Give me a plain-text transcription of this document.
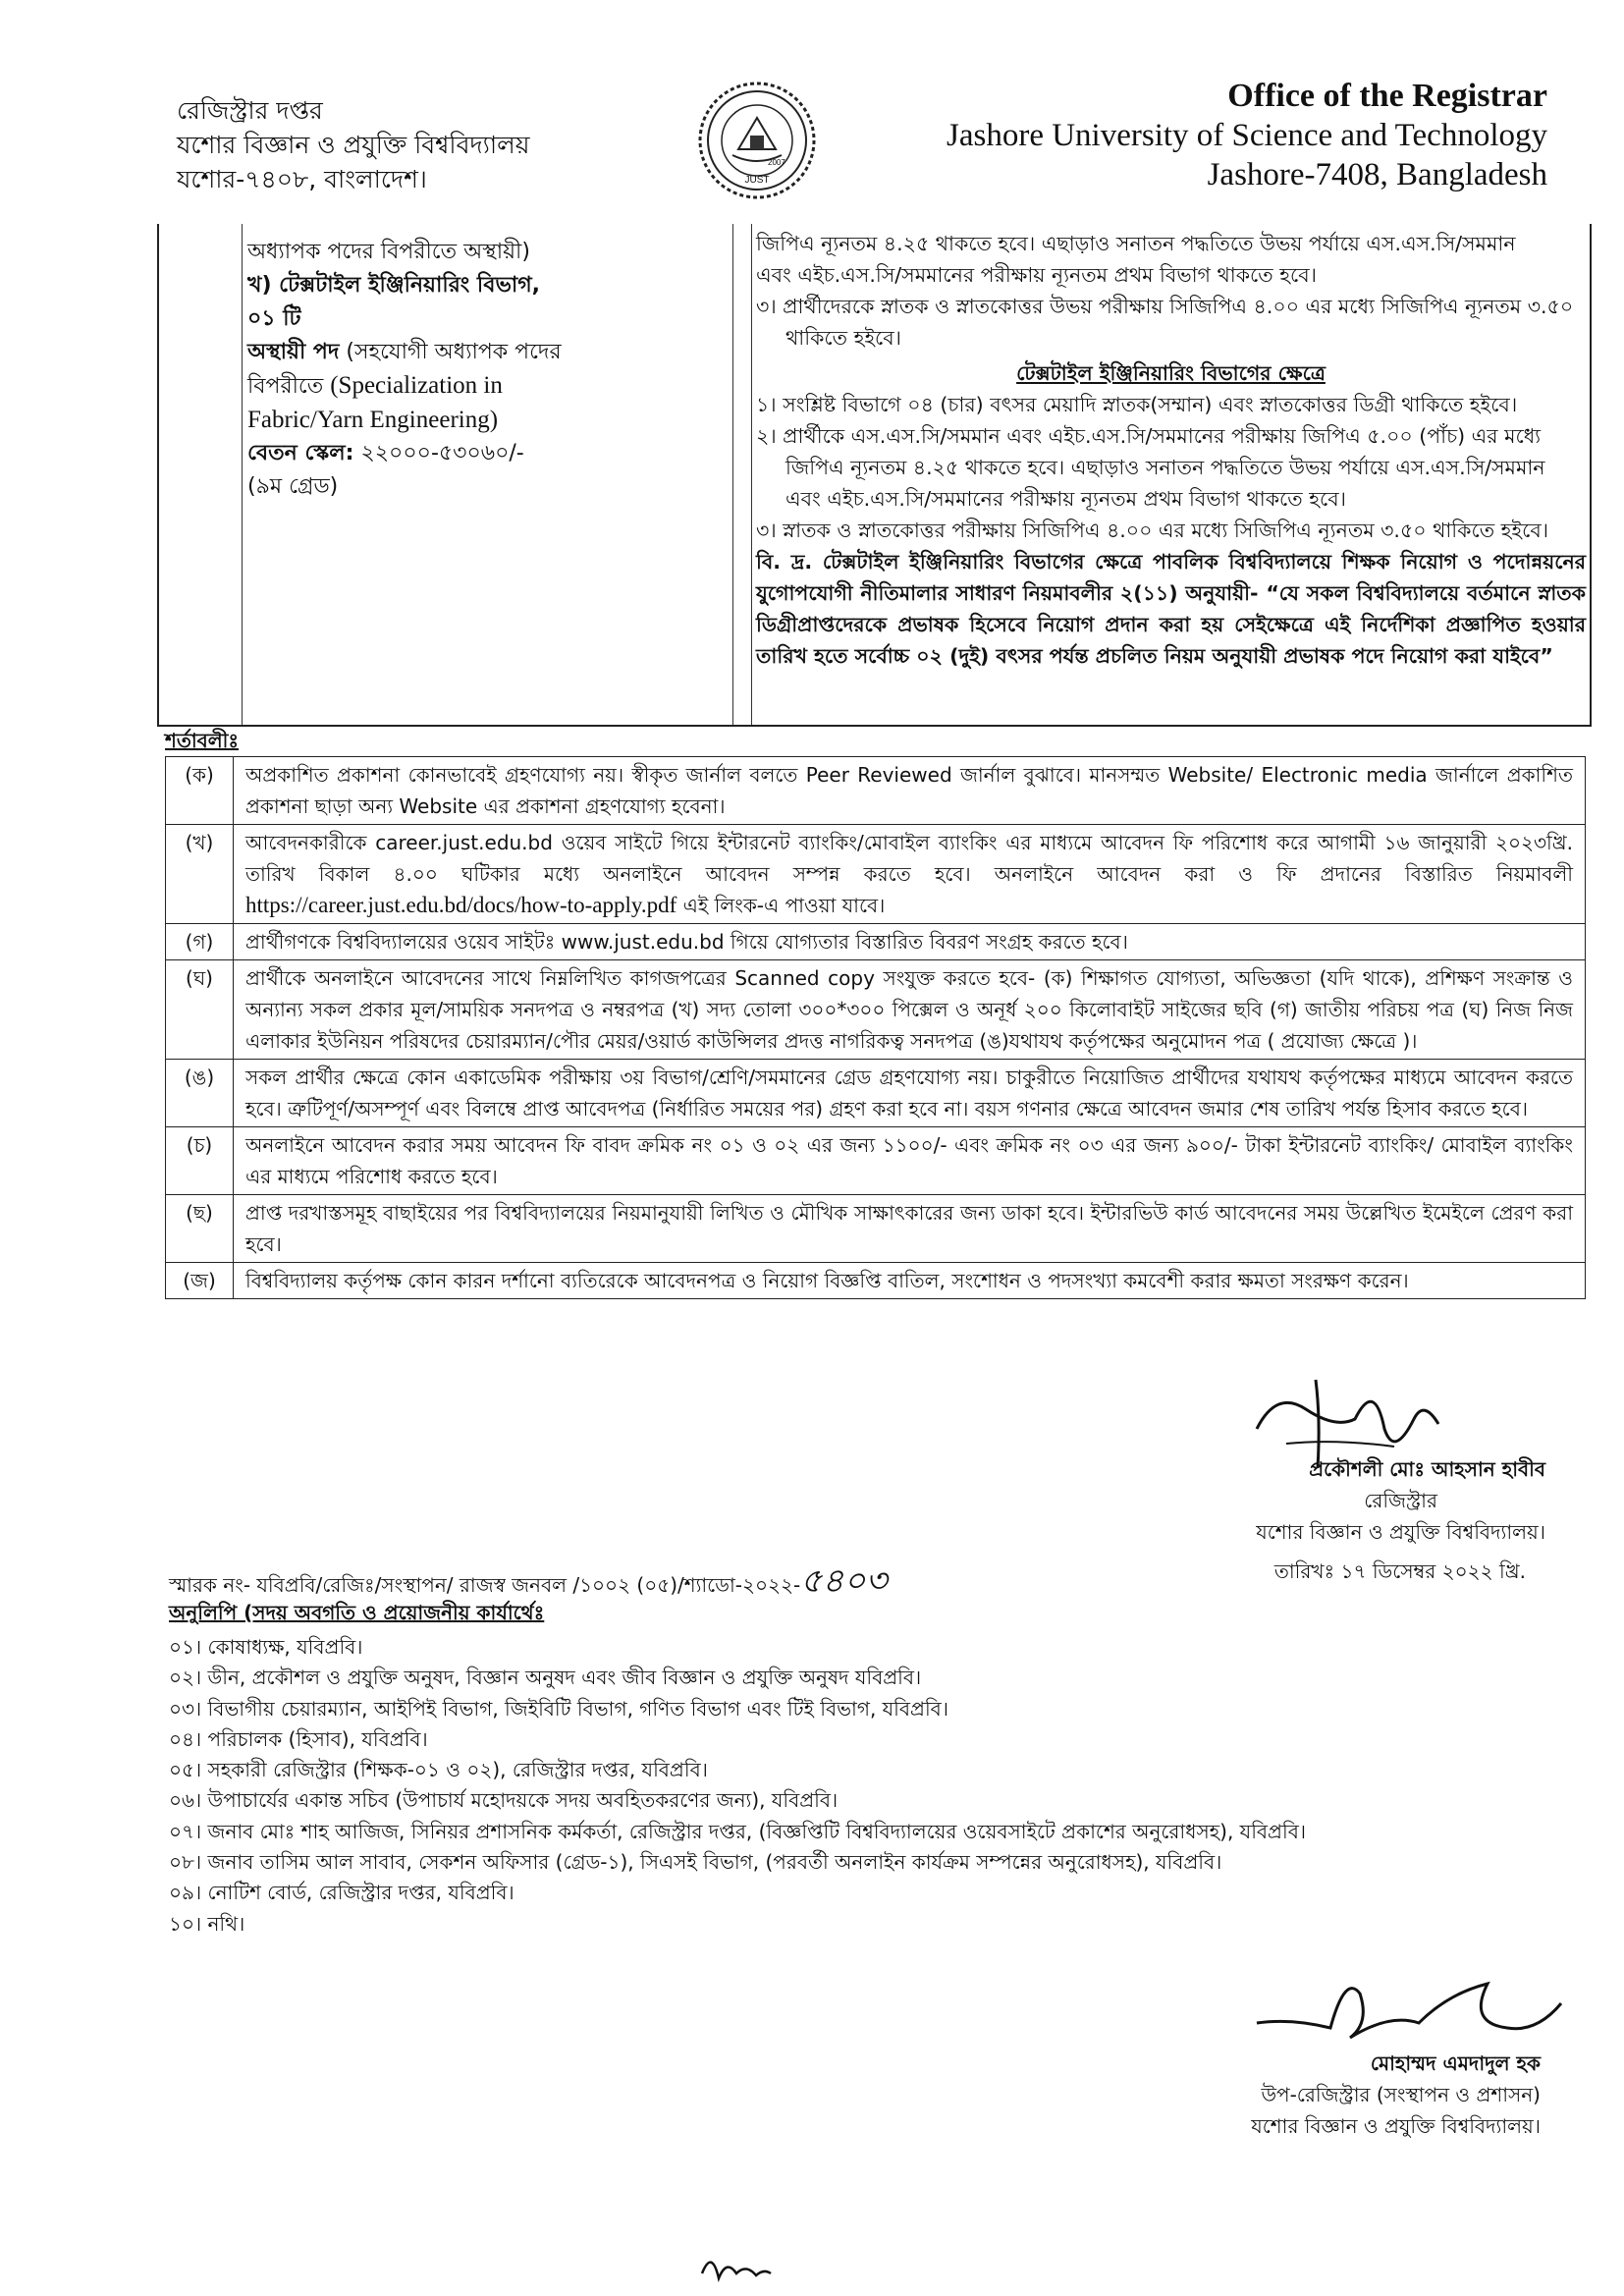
রেজিস্ট্রার দপ্তর
যশোর বিজ্ঞান ও প্রযুক্তি বিশ্ববিদ্যালয়
যশোর-৭৪০৮, বাংলাদেশ।
2007
JUST
Office of the Registrar
Jashore University of Science and Technology
Jashore-7408, Bangladesh
অধ্যাপক পদের বিপরীতে অস্থায়ী)
খ) টেক্সটাইল ইঞ্জিনিয়ারিং বিভাগ, ০১ টি
অস্থায়ী পদ (সহযোগী অধ্যাপক পদের
বিপরীতে (Specialization in
Fabric/Yarn Engineering)
বেতন স্কেল: ২২০০০-৫৩০৬০/-
(৯ম গ্রেড)

জিপিএ ন্যূনতম ৪.২৫ থাকতে হবে। এছাড়াও সনাতন পদ্ধতিতে উভয় পর্যায়ে এস.এস.সি/সমমান

এবং এইচ.এস.সি/সমমানের পরীক্ষায় ন্যূনতম প্রথম বিভাগ থাকতে হবে।

৩। প্রার্থীদেরকে স্নাতক ও স্নাতকোত্তর উভয় পরীক্ষায় সিজিপিএ ৪.০০ এর মধ্যে সিজিপিএ ন্যূনতম ৩.৫০ থাকিতে হইবে।

টেক্সটাইল ইঞ্জিনিয়ারিং বিভাগের ক্ষেত্রে

১। সংশ্লিষ্ট বিভাগে ০৪ (চার) বৎসর মেয়াদি স্নাতক(সম্মান) এবং স্নাতকোত্তর ডিগ্রী থাকিতে হইবে।

২। প্রার্থীকে এস.এস.সি/সমমান এবং এইচ.এস.সি/সমমানের পরীক্ষায় জিপিএ ৫.০০ (পাঁচ) এর মধ্যে জিপিএ ন্যূনতম ৪.২৫ থাকতে হবে। এছাড়াও সনাতন পদ্ধতিতে উভয় পর্যায়ে এস.এস.সি/সমমান এবং এইচ.এস.সি/সমমানের পরীক্ষায় ন্যূনতম প্রথম বিভাগ থাকতে হবে।

৩। স্নাতক ও স্নাতকোত্তর পরীক্ষায় সিজিপিএ ৪.০০ এর মধ্যে সিজিপিএ ন্যূনতম ৩.৫০ থাকিতে হইবে।

বি. দ্র. টেক্সটাইল ইঞ্জিনিয়ারিং বিভাগের ক্ষেত্রে পাবলিক বিশ্ববিদ্যালয়ে শিক্ষক নিয়োগ ও পদোন্নয়নের যুগোপযোগী নীতিমালার সাধারণ নিয়মাবলীর ২(১১) অনুযায়ী- “যে সকল বিশ্ববিদ্যালয়ে বর্তমানে স্নাতক ডিগ্রীপ্রাপ্তদেরকে প্রভাষক হিসেবে নিয়োগ প্রদান করা হয় সেইক্ষেত্রে এই নির্দেশিকা প্রজ্ঞাপিত হওয়ার তারিখ হতে সর্বোচ্চ ০২ (দুই) বৎসর পর্যন্ত প্রচলিত নিয়ম অনুযায়ী প্রভাষক পদে নিয়োগ করা যাইবে”

শর্তাবলীঃ
(ক)	অপ্রকাশিত প্রকাশনা কোনভাবেই গ্রহণযোগ্য নয়। স্বীকৃত জার্নাল বলতে Peer Reviewed জার্নাল বুঝাবে। মানসম্মত Website/ Electronic media জার্নালে প্রকাশিত প্রকাশনা ছাড়া অন্য Website এর প্রকাশনা গ্রহণযোগ্য হবেনা।
(খ)	আবেদনকারীকে career.just.edu.bd ওয়েব সাইটে গিয়ে ইন্টারনেট ব্যাংকিং/মোবাইল ব্যাংকিং এর মাধ্যমে আবেদন ফি পরিশোধ করে আগামী ১৬ জানুয়ারী ২০২৩খ্রি. তারিখ বিকাল ৪.০০ ঘটিকার মধ্যে অনলাইনে আবেদন সম্পন্ন করতে হবে। অনলাইনে আবেদন করা ও ফি প্রদানের বিস্তারিত নিয়মাবলী https://career.just.edu.bd/docs/how-to-apply.pdf এই লিংক-এ পাওয়া যাবে।
(গ)	প্রার্থীগণকে বিশ্ববিদ্যালয়ের ওয়েব সাইটঃ www.just.edu.bd গিয়ে যোগ্যতার বিস্তারিত বিবরণ সংগ্রহ করতে হবে।
(ঘ)	প্রার্থীকে অনলাইনে আবেদনের সাথে নিম্নলিখিত কাগজপত্রের Scanned copy সংযুক্ত করতে হবে- (ক) শিক্ষাগত যোগ্যতা, অভিজ্ঞতা (যদি থাকে), প্রশিক্ষণ সংক্রান্ত ও অন্যান্য সকল প্রকার মূল/সাময়িক সনদপত্র ও নম্বরপত্র (খ) সদ্য তোলা ৩০০*৩০০ পিক্সেল ও অনূর্ধ ২০০ কিলোবাইট সাইজের ছবি (গ) জাতীয় পরিচয় পত্র (ঘ) নিজ নিজ এলাকার ইউনিয়ন পরিষদের চেয়ারম্যান/পৌর মেয়র/ওয়ার্ড কাউন্সিলর প্রদত্ত নাগরিকত্ব সনদপত্র (ঙ)যথাযথ কর্তৃপক্ষের অনুমোদন পত্র ( প্রযোজ্য ক্ষেত্রে )।
(ঙ)	সকল প্রার্থীর ক্ষেত্রে কোন একাডেমিক পরীক্ষায় ৩য় বিভাগ/শ্রেণি/সমমানের গ্রেড গ্রহণযোগ্য নয়। চাকুরীতে নিয়োজিত প্রার্থীদের যথাযথ কর্তৃপক্ষের মাধ্যমে আবেদন করতে হবে। ত্রুটিপূর্ণ/অসম্পূর্ণ এবং বিলম্বে প্রাপ্ত আবেদপত্র (নির্ধারিত সময়ের পর) গ্রহণ করা হবে না। বয়স গণনার ক্ষেত্রে আবেদন জমার শেষ তারিখ পর্যন্ত হিসাব করতে হবে।
(চ)	অনলাইনে আবেদন করার সময় আবেদন ফি বাবদ ক্রমিক নং ০১ ও ০২ এর জন্য ১১০০/- এবং ক্রমিক নং ০৩ এর জন্য ৯০০/- টাকা ইন্টারনেট ব্যাংকিং/ মোবাইল ব্যাংকিং এর মাধ্যমে পরিশোধ করতে হবে।
(ছ)	প্রাপ্ত দরখাস্তসমূহ বাছাইয়ের পর বিশ্ববিদ্যালয়ের নিয়মানুযায়ী লিখিত ও মৌখিক সাক্ষাৎকারের জন্য ডাকা হবে। ইন্টারভিউ কার্ড আবেদনের সময় উল্লেখিত ইমেইলে প্রেরণ করা হবে।
(জ)	বিশ্ববিদ্যালয় কর্তৃপক্ষ কোন কারন দর্শানো ব্যতিরেকে আবেদনপত্র ও নিয়োগ বিজ্ঞপ্তি বাতিল, সংশোধন ও পদসংখ্যা কমবেশী করার ক্ষমতা সংরক্ষণ করেন।
প্রকৌশলী মোঃ আহসান হাবীব
রেজিস্ট্রার
যশোর বিজ্ঞান ও প্রযুক্তি বিশ্ববিদ্যালয়।
স্মারক নং- যবিপ্রবি/রেজিঃ/সংস্থাপন/ রাজস্ব জনবল /১০০২ (০৫)/শ্যাডো-২০২২-৫৪০৩	তারিখঃ ১৭ ডিসেম্বর ২০২২ খ্রি.
অনুলিপি (সদয় অবগতি ও প্রয়োজনীয় কার্যার্থেঃ
০১। কোষাধ্যক্ষ, যবিপ্রবি।
০২। ডীন, প্রকৌশল ও প্রযুক্তি অনুষদ, বিজ্ঞান অনুষদ এবং জীব বিজ্ঞান ও প্রযুক্তি অনুষদ যবিপ্রবি।
০৩। বিভাগীয় চেয়ারম্যান, আইপিই বিভাগ, জিইবিটি বিভাগ, গণিত বিভাগ এবং টিই বিভাগ, যবিপ্রবি।
০৪। পরিচালক (হিসাব), যবিপ্রবি।
০৫। সহকারী রেজিস্ট্রার (শিক্ষক-০১ ও ০২), রেজিস্ট্রার দপ্তর, যবিপ্রবি।
০৬। উপাচার্যের একান্ত সচিব (উপাচার্য মহোদয়কে সদয় অবহিতকরণের জন্য), যবিপ্রবি।
০৭। জনাব মোঃ শাহ আজিজ, সিনিয়র প্রশাসনিক কর্মকর্তা, রেজিস্ট্রার দপ্তর, (বিজ্ঞপ্তিটি বিশ্ববিদ্যালয়ের ওয়েবসাইটে প্রকাশের অনুরোধসহ), যবিপ্রবি।
০৮। জনাব তাসিম আল সাবাব, সেকশন অফিসার (গ্রেড-১), সিএসই বিভাগ, (পরবর্তী অনলাইন কার্যক্রম সম্পন্নের অনুরোধসহ), যবিপ্রবি।
০৯। নোটিশ বোর্ড, রেজিস্ট্রার দপ্তর, যবিপ্রবি।
১০। নথি।
মোহাম্মদ এমদাদুল হক
উপ-রেজিস্ট্রার (সংস্থাপন ও প্রশাসন)
যশোর বিজ্ঞান ও প্রযুক্তি বিশ্ববিদ্যালয়।
